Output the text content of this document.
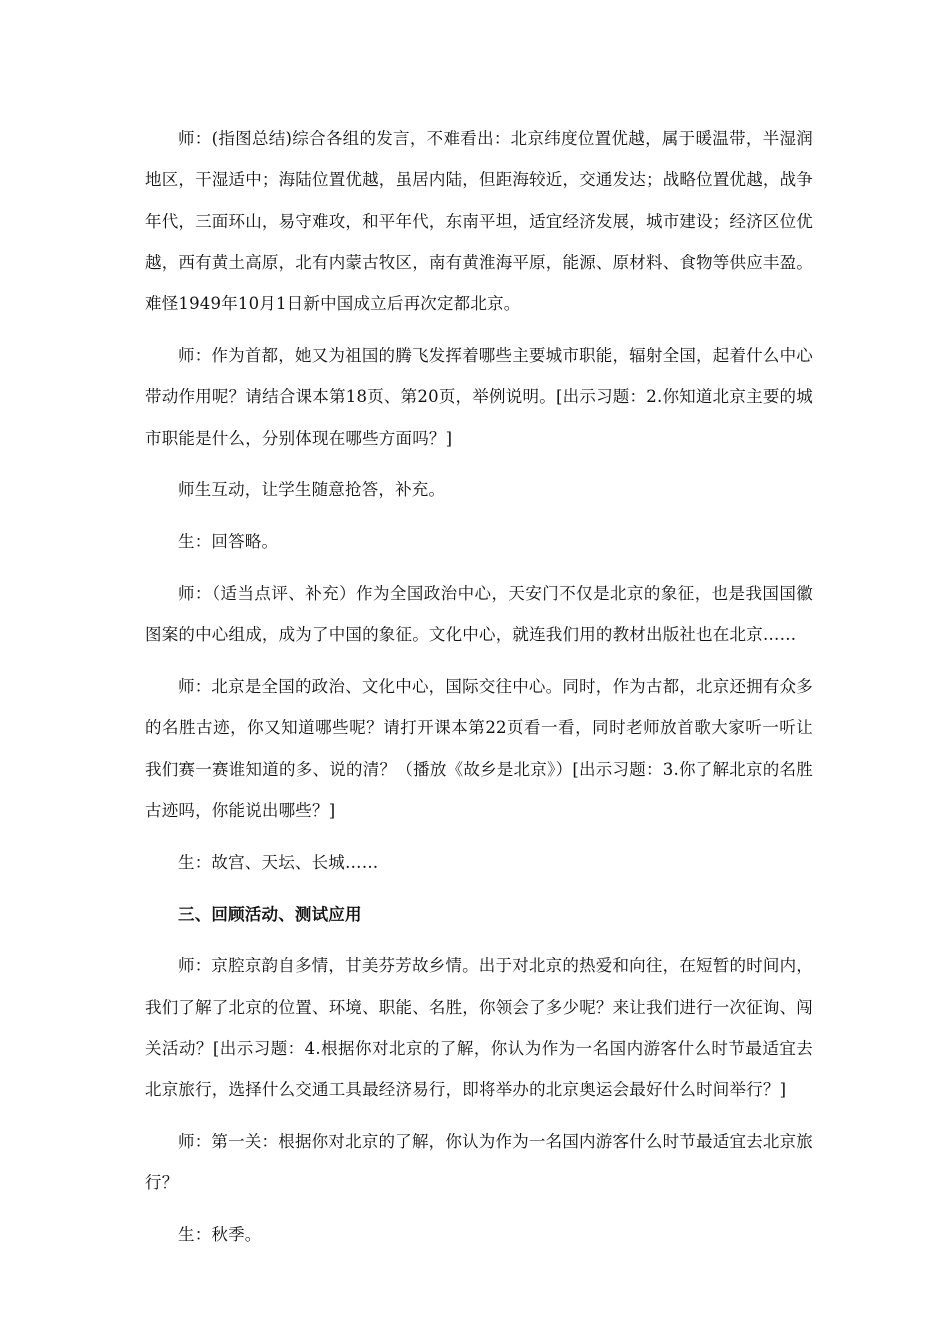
师：(指图总结)综合各组的发言，不难看出：北京纬度位置优越，属于暖温带，半湿润地区，干湿适中；海陆位置优越，虽居内陆，但距海较近，交通发达；战略位置优越，战争年代，三面环山，易守难攻，和平年代，东南平坦，适宜经济发展，城市建设；经济区位优越，西有黄土高原，北有内蒙古牧区，南有黄淮海平原，能源、原材料、食物等供应丰盈。难怪1949年10月1日新中国成立后再次定都北京。

师：作为首都，她又为祖国的腾飞发挥着哪些主要城市职能，辐射全国，起着什么中心带动作用呢？请结合课本第18页、第20页，举例说明。[出示习题：2.你知道北京主要的城市职能是什么，分别体现在哪些方面吗？]

师生互动，让学生随意抢答，补充。

生：回答略。

师：（适当点评、补充）作为全国政治中心，天安门不仅是北京的象征，也是我国国徽图案的中心组成，成为了中国的象征。文化中心，就连我们用的教材出版社也在北京……

师：北京是全国的政治、文化中心，国际交往中心。同时，作为古都，北京还拥有众多的名胜古迹，你又知道哪些呢？请打开课本第22页看一看，同时老师放首歌大家听一听让我们赛一赛谁知道的多、说的清？（播放《故乡是北京》）[出示习题：3.你了解北京的名胜古迹吗，你能说出哪些？]

生：故宫、天坛、长城……

三、回顾活动、测试应用

师：京腔京韵自多情，甘美芬芳故乡情。出于对北京的热爱和向往，在短暂的时间内，我们了解了北京的位置、环境、职能、名胜，你领会了多少呢？来让我们进行一次征询、闯关活动？[出示习题：4.根据你对北京的了解，你认为作为一名国内游客什么时节最适宜去北京旅行，选择什么交通工具最经济易行，即将举办的北京奥运会最好什么时间举行？]

师：第一关：根据你对北京的了解，你认为作为一名国内游客什么时节最适宜去北京旅行？

生：秋季。
